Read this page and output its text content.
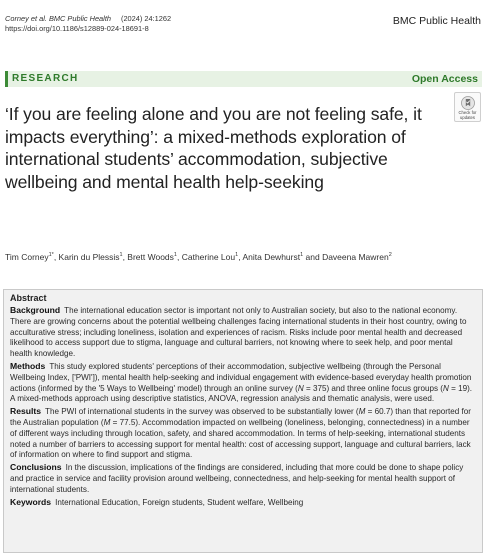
Corney et al. BMC Public Health (2024) 24:1262
https://doi.org/10.1186/s12889-024-18691-8
BMC Public Health
RESEARCH	Open Access
Check for
updates
‘If you are feeling alone and you are not feeling safe, it impacts everything’: a mixed-methods exploration of international students’ accommodation, subjective wellbeing and mental health help-seeking
Tim Corney$^{1*}$, Karin du Plessis$^1$, Brett Woods$^1$, Catherine Lou$^1$, Anita Dewhurst$^1$ and Daveena Mawren$^2$
Abstract

Background The international education sector is important not only to Australian society, but also to the national economy. There are growing concerns about the potential wellbeing challenges facing international students in their host country, owing to acculturative stress; including loneliness, isolation and experiences of racism. Risks include poor mental health and decreased likelihood to access support due to stigma, language and cultural barriers, not knowing where to seek help, and poor mental health knowledge.

Methods This study explored students' perceptions of their accommodation, subjective wellbeing (through the Personal Wellbeing Index, ['PWI']), mental health help-seeking and individual engagement with evidence-based everyday health promotion actions (informed by the '5 Ways to Wellbeing' model) through an online survey (N = 375) and three online focus groups (N = 19). A mixed-methods approach using descriptive statistics, ANOVA, regression analysis and thematic analysis, were used.

Results The PWI of international students in the survey was observed to be substantially lower (M = 60.7) than that reported for the Australian population (M = 77.5). Accommodation impacted on wellbeing (loneliness, belonging, connectedness) in a number of different ways including through location, safety, and shared accommodation. In terms of help-seeking, international students noted a number of barriers to accessing support for mental health: cost of accessing support, language and cultural barriers, lack of information on where to find support and stigma.

Conclusions In the discussion, implications of the findings are considered, including that more could be done to shape policy and practice in service and facility provision around wellbeing, connectedness, and help-seeking for mental health support of international students.

Keywords International Education, Foreign students, Student welfare, Wellbeing
